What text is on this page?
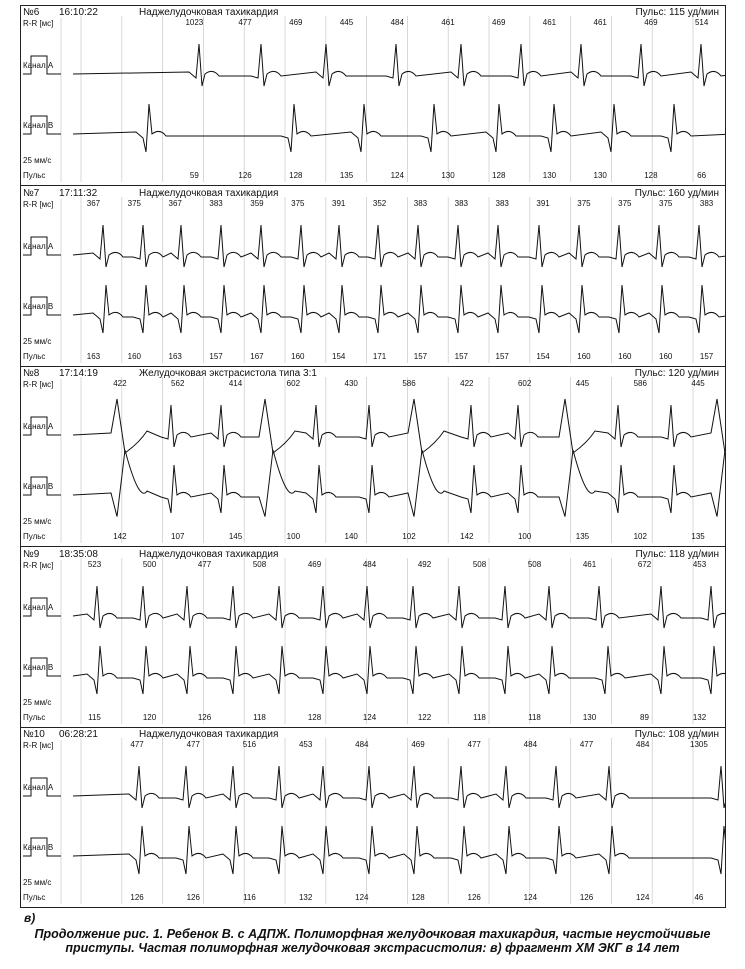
№6 16:10:22	Наджелудочковая тахикардия	Пульс: 115 уд/мин
R-R [мс]
Канал А
Канал В
25 мм/с
Пульс
1023	477	469	445	484	461	469	461	461	469	514
59	126	128	135	124	130	128	130	130	128	66
№7 17:11:32	Наджелудочковая тахикардия	Пульс: 160 уд/мин
R-R [мс]
Канал А
Канал В
25 мм/с
Пульс
367	375	367	383	359	375	391	352	383	383	383	391	375	375	375	383
163	160	163	157	167	160	154	171	157	157	157	154	160	160	160	157
№8 17:14:19	Желудочковая экстрасистола типа 3:1	Пульс: 120 уд/мин
R-R [мс]
Канал А
Канал В
25 мм/с
Пульс
422	562	414	602	430	586	422	602	445	586	445
142	107	145	100	140	102	142	100	135	102	135
№9 18:35:08	Наджелудочковая тахикардия	Пульс: 118 уд/мин
R-R [мс]
Канал А
Канал В
25 мм/с
Пульс
523	500	477	508	469	484	492	508	508	461	672	453
115	120	126	118	128	124	122	118	118	130	89	132
№10 06:28:21	Наджелудочковая тахикардия	Пульс: 108 уд/мин
R-R [мс]
Канал А
Канал В
25 мм/с
Пульс
477	477	516	453	484	469	477	484	477	484	1305
126	126	116	132	124	128	126	124	126	124	46
в)
Продолжение рис. 1. Ребенок В. с АДПЖ. Полиморфная желудочковая тахикардия, частые неустойчивые
приступы. Частая полиморфная желудочковая экстрасистолия: в) фрагмент ХМ ЭКГ в 14 лет
